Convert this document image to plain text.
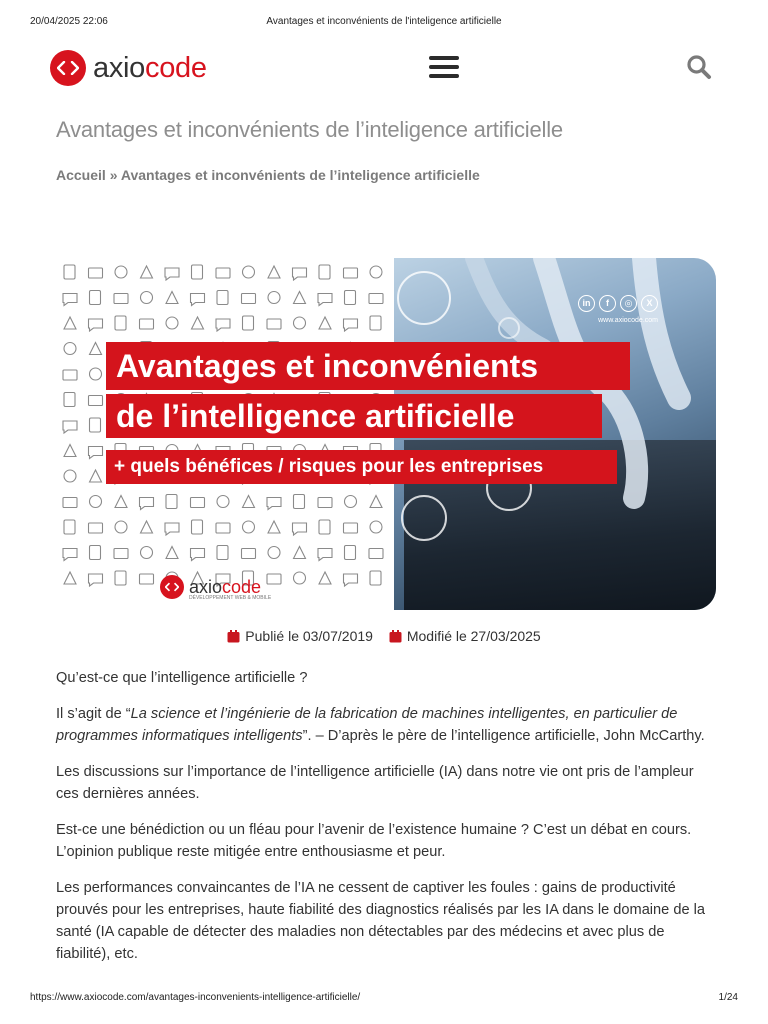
20/04/2025 22:06	Avantages et inconvénients de l'inteligence artificielle
axiocode
Avantages et inconvénients de l’inteligence artificielle
Accueil » Avantages et inconvénients de l’inteligence artificielle
in	f	◎	X
www.axiocode.com
Avantages et inconvénients
de l’intelligence artificielle
+ quels bénéfices / risques pour les entreprises
axiocode
DÉVELOPPEMENT WEB & MOBILE
Publié le 03/07/2019
Modifié le 27/03/2025

Qu’est-ce que l’intelligence artificielle ?

Il s’agit de “La science et l’ingénierie de la fabrication de machines intelligentes, en particulier de programmes informatiques intelligents”. – D’après le père de l’intelligence artificielle, John McCarthy.

Les discussions sur l’importance de l’intelligence artificielle (IA) dans notre vie ont pris de l’ampleur ces dernières années.

Est-ce une bénédiction ou un fléau pour l’avenir de l’existence humaine ? C’est un débat en cours. L’opinion publique reste mitigée entre enthousiasme et peur.

Les performances convaincantes de l’IA ne cessent de captiver les foules : gains de productivité prouvés pour les entreprises, haute fiabilité des diagnostics réalisés par les IA dans le domaine de la santé (IA capable de détecter des maladies non détectables par des médecins et avec plus de fiabilité), etc.

https://www.axiocode.com/avantages-inconvenients-intelligence-artificielle/	1/24
